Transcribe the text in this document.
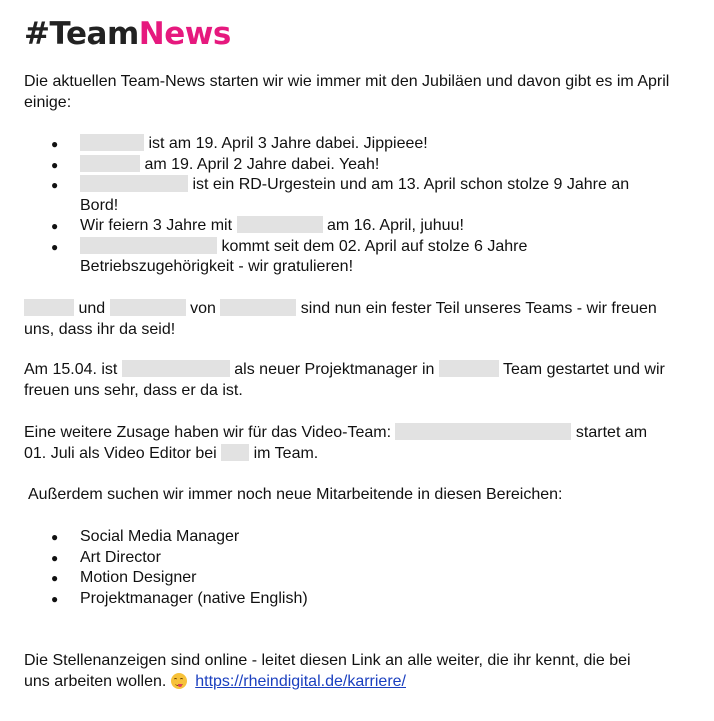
#TeamNews

Die aktuellen Team-News starten wir wie immer mit den Jubiläen und davon gibt es im April einige:

●	ist am 19. April 3 Jahre dabei. Jippieee!
●	am 19. April 2 Jahre dabei. Yeah!
●	ist ein RD-Urgestein und am 13. April schon stolze 9 Jahre an
Bord!
● Wir feiern 3 Jahre mit	am 16. April, juhuu!
●	kommt seit dem 02. April auf stolze 6 Jahre
Betriebszugehörigkeit - wir gratulieren!

und	von	sind nun ein fester Teil unseres Teams - wir freuen
uns, dass ihr da seid!

Am 15.04. ist	als neuer Projektmanager in	Team gestartet und wir
freuen uns sehr, dass er da ist.

Eine weitere Zusage haben wir für das Video-Team:	startet am
01. Juli als Video Editor bei im Team.

Außerdem suchen wir immer noch neue Mitarbeitende in diesen Bereichen:

● Social Media Manager
● Art Director
● Motion Designer
● Projektmanager (native English)

Die Stellenanzeigen sind online - leitet diesen Link an alle weiter, die ihr kennt, die bei
uns arbeiten wollen. https://rheindigital.de/karriere/
